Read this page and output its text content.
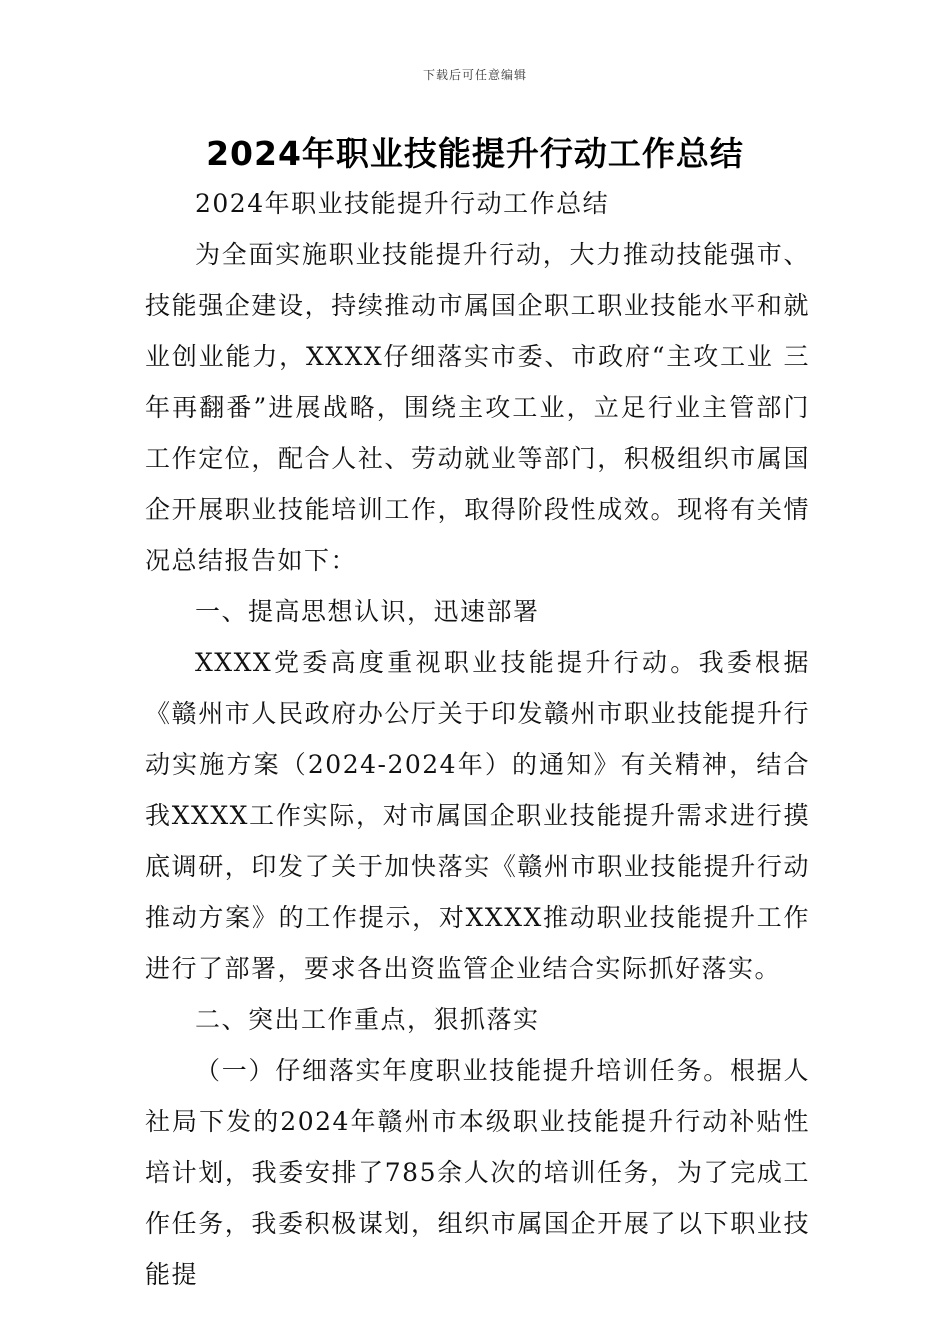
下载后可任意编辑
2024年职业技能提升行动工作总结

2024年职业技能提升行动工作总结

为全面实施职业技能提升行动，大力推动技能强市、技能强企建设，持续推动市属国企职工职业技能水平和就业创业能力，XXXX仔细落实市委、市政府“主攻工业 三年再翻番”进展战略，围绕主攻工业，立足行业主管部门工作定位，配合人社、劳动就业等部门，积极组织市属国企开展职业技能培训工作，取得阶段性成效。现将有关情况总结报告如下：

一、提高思想认识，迅速部署

XXXX党委高度重视职业技能提升行动。我委根据《赣州市人民政府办公厅关于印发赣州市职业技能提升行动实施方案（2024-2024年）的通知》有关精神，结合我XXXX工作实际，对市属国企职业技能提升需求进行摸底调研，印发了关于加快落实《赣州市职业技能提升行动推动方案》的工作提示，对XXXX推动职业技能提升工作进行了部署，要求各出资监管企业结合实际抓好落实。

二、突出工作重点，狠抓落实

（一）仔细落实年度职业技能提升培训任务。根据人社局下发的2024年赣州市本级职业技能提升行动补贴性培计划，我委安排了785余人次的培训任务，为了完成工作任务，我委积极谋划，组织市属国企开展了以下职业技能提
